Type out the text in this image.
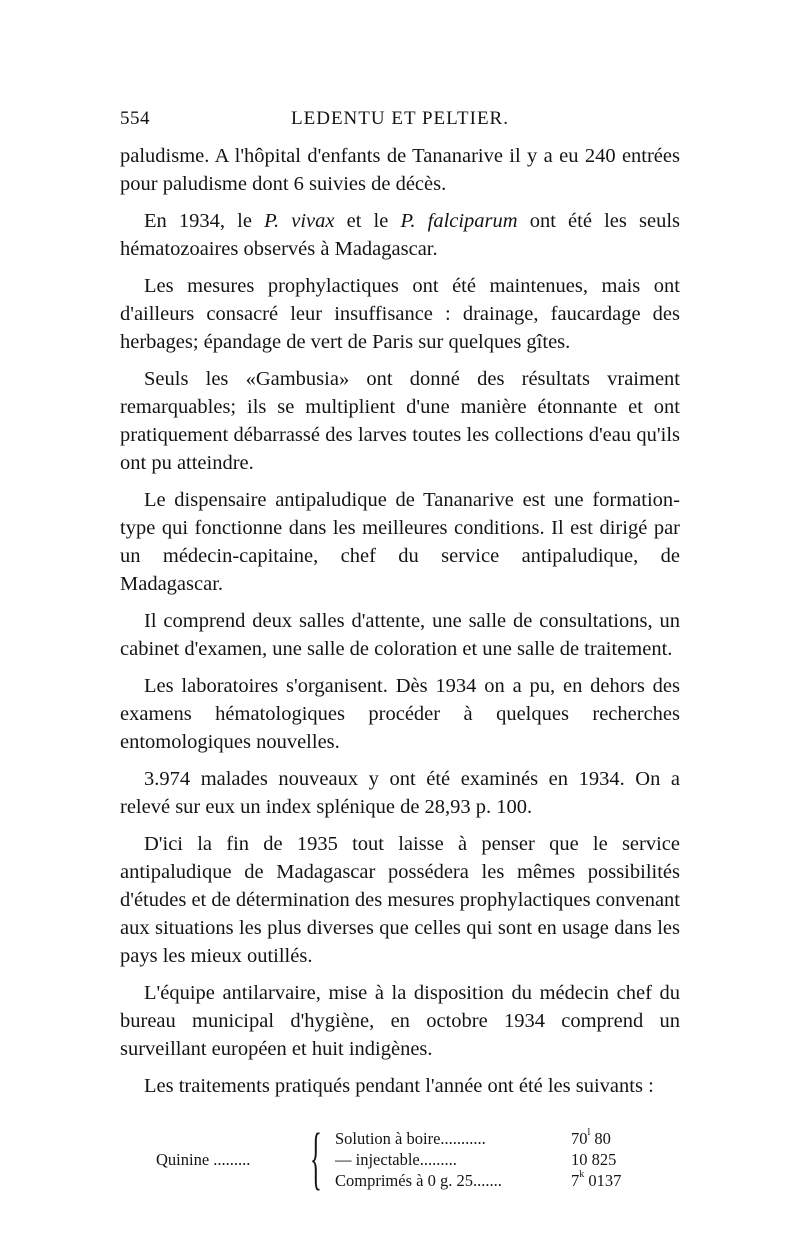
554	LEDENTU ET PELTIER.

paludisme. A l'hôpital d'enfants de Tananarive il y a eu 240 entrées pour paludisme dont 6 suivies de décès.

En 1934, le P. vivax et le P. falciparum ont été les seuls hématozoaires observés à Madagascar.

Les mesures prophylactiques ont été maintenues, mais ont d'ailleurs consacré leur insuffisance : drainage, faucardage des herbages; épandage de vert de Paris sur quelques gîtes.

Seuls les «Gambusia» ont donné des résultats vraiment remarquables; ils se multiplient d'une manière étonnante et ont pratiquement débarrassé des larves toutes les collections d'eau qu'ils ont pu atteindre.

Le dispensaire antipaludique de Tananarive est une formation-type qui fonctionne dans les meilleures conditions. Il est dirigé par un médecin-capitaine, chef du service antipaludique, de Madagascar.

Il comprend deux salles d'attente, une salle de consultations, un cabinet d'examen, une salle de coloration et une salle de traitement.

Les laboratoires s'organisent. Dès 1934 on a pu, en dehors des examens hématologiques procéder à quelques recherches entomologiques nouvelles.

3.974 malades nouveaux y ont été examinés en 1934. On a relevé sur eux un index splénique de 28,93 p. 100.

D'ici la fin de 1935 tout laisse à penser que le service antipaludique de Madagascar possédera les mêmes possibilités d'études et de détermination des mesures prophylactiques convenant aux situations les plus diverses que celles qui sont en usage dans les pays les mieux outillés.

L'équipe antilarvaire, mise à la disposition du médecin chef du bureau municipal d'hygiène, en octobre 1934 comprend un surveillant européen et huit indigènes.

Les traitements pratiqués pendant l'année ont été les suivants :

Quinine ......... { Solution à boire...........	70$^l$ 80
— injectable.........	10 825
Comprimés à 0 g. 25.......	7$^k$ 0137
